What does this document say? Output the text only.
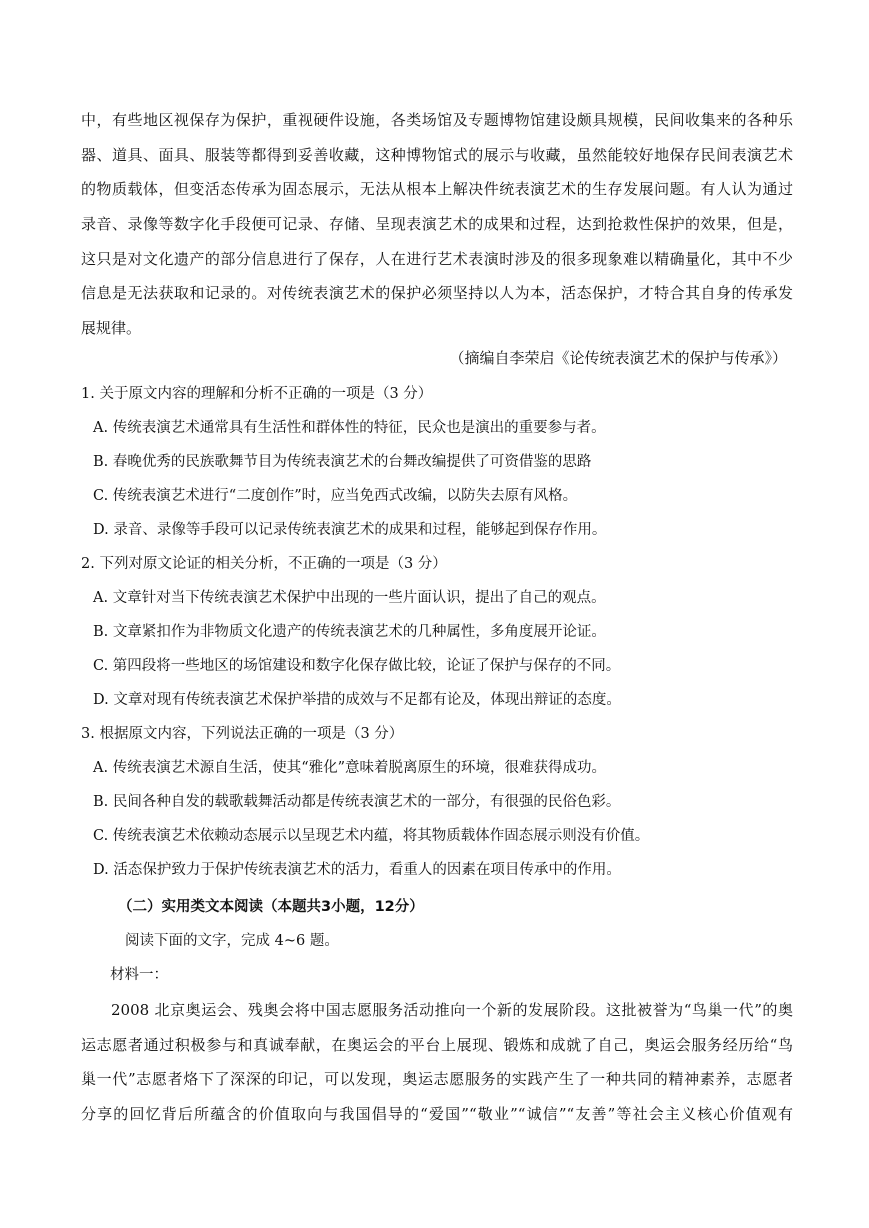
中，有些地区视保存为保护，重视硬件设施，各类场馆及专题博物馆建设颇具规模，民间收集来的各种乐
器、道具、面具、服装等都得到妥善收藏，这种博物馆式的展示与收藏，虽然能较好地保存民间表演艺术
的物质载体，但变活态传承为固态展示，无法从根本上解决件统表演艺术的生存发展问题。有人认为通过
录音、录像等数字化手段便可记录、存储、呈现表演艺术的成果和过程，达到抢救性保护的效果，但是，
这只是对文化遗产的部分信息进行了保存，人在进行艺术表演时涉及的很多现象难以精确量化，其中不少
信息是无法获取和记录的。对传统表演艺术的保护必须坚持以人为本，活态保护，才特合其自身的传承发
展规律。
（摘编自李荣启《论传统表演艺术的保护与传承》）
1. 关于原文内容的理解和分析不正确的一项是（3 分）
A. 传统表演艺术通常具有生活性和群体性的特征，民众也是演出的重要参与者。
B. 春晚优秀的民族歌舞节目为传统表演艺术的台舞改编提供了可资借鉴的思路
C. 传统表演艺术进行“二度创作”时，应当免西式改编，以防失去原有风格。
D. 录音、录像等手段可以记录传统表演艺术的成果和过程，能够起到保存作用。
2. 下列对原文论证的相关分析，不正确的一项是（3 分）
A. 文章针对当下传统表演艺术保护中出现的一些片面认识，提出了自己的观点。
B. 文章紧扣作为非物质文化遗产的传统表演艺术的几种属性，多角度展开论证。
C. 第四段将一些地区的场馆建设和数字化保存做比较，论证了保护与保存的不同。
D. 文章对现有传统表演艺术保护举措的成效与不足都有论及，体现出辩证的态度。
3. 根据原文内容，下列说法正确的一项是（3 分）
A. 传统表演艺术源自生活，使其“雅化”意味着脱离原生的环境，很难获得成功。
B. 民间各种自发的载歌载舞活动都是传统表演艺术的一部分，有很强的民俗色彩。
C. 传统表演艺术依赖动态展示以呈现艺术内蕴，将其物质载体作固态展示则没有价值。
D. 活态保护致力于保护传统表演艺术的活力，看重人的因素在项目传承中的作用。
（二）实用类文本阅读（本题共3小题，12分）
阅读下面的文字，完成 4~6 题。
材料一：
2008 北京奥运会、残奥会将中国志愿服务活动推向一个新的发展阶段。这批被誉为“鸟巢一代”的奥
运志愿者通过积极参与和真诚奉献，在奥运会的平台上展现、锻炼和成就了自己，奥运会服务经历给“鸟
巢一代”志愿者烙下了深深的印记，可以发现，奥运志愿服务的实践产生了一种共同的精神素养，志愿者
分享的回忆背后所蕴含的价值取向与我国倡导的“爱国”“敬业”“诚信”“友善”等社会主义核心价值观有
